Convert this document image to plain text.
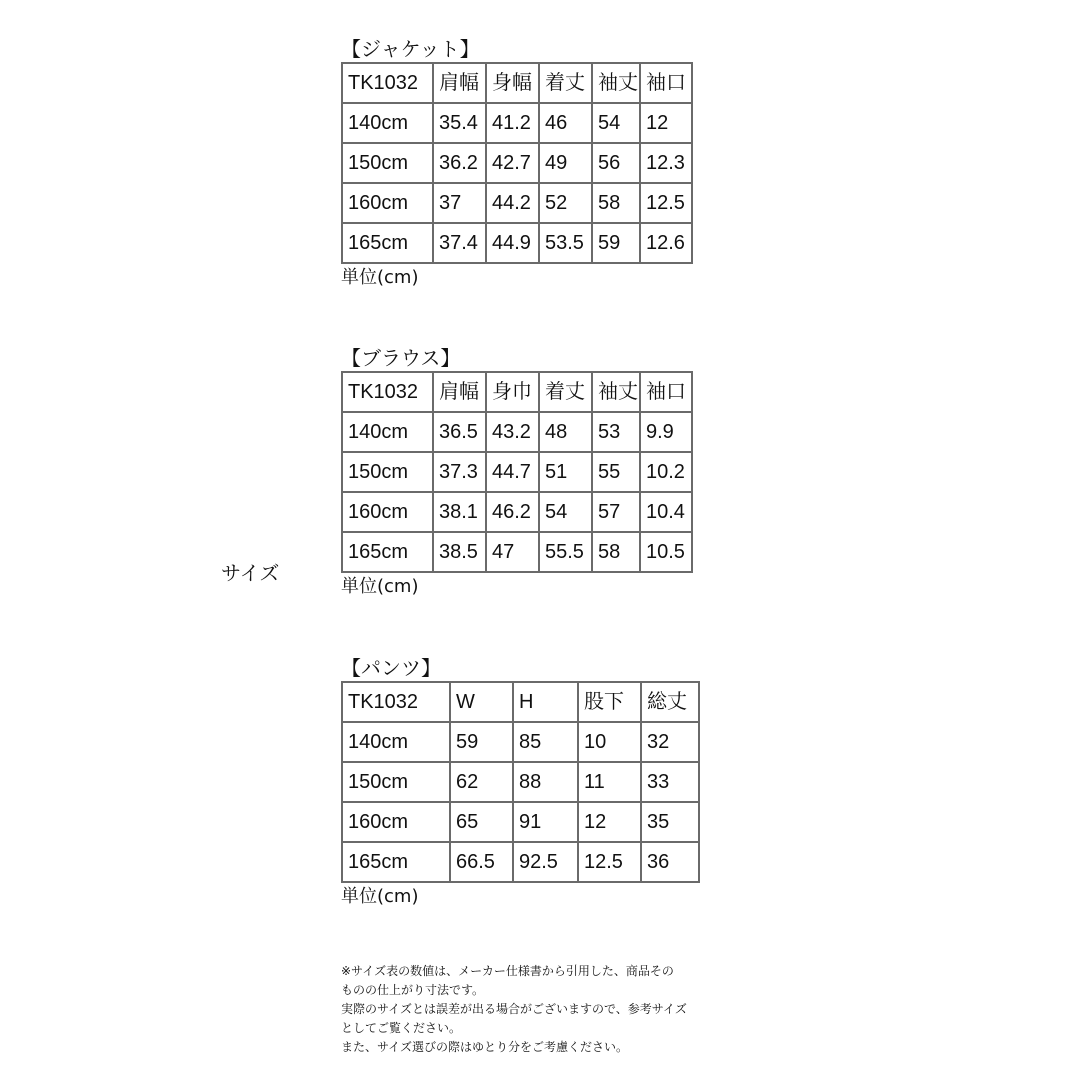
サイズ
【ジャケット】
TK1032	肩幅	身幅	着丈	袖丈	袖口
140cm	35.4	41.2	46	54	12
150cm	36.2	42.7	49	56	12.3
160cm	37	44.2	52	58	12.5
165cm	37.4	44.9	53.5	59	12.6
単位(cm)
【ブラウス】
TK1032	肩幅	身巾	着丈	袖丈	袖口
140cm	36.5	43.2	48	53	9.9
150cm	37.3	44.7	51	55	10.2
160cm	38.1	46.2	54	57	10.4
165cm	38.5	47	55.5	58	10.5
単位(cm)
【パンツ】
TK1032	W	H	股下	総丈
140cm	59	85	10	32
150cm	62	88	11	33
160cm	65	91	12	35
165cm	66.5	92.5	12.5	36
単位(cm)
※サイズ表の数値は、メーカー仕様書から引用した、商品その
ものの仕上がり寸法です。
実際のサイズとは誤差が出る場合がございますので、参考サイズ
としてご覧ください。
また、サイズ選びの際はゆとり分をご考慮ください。
